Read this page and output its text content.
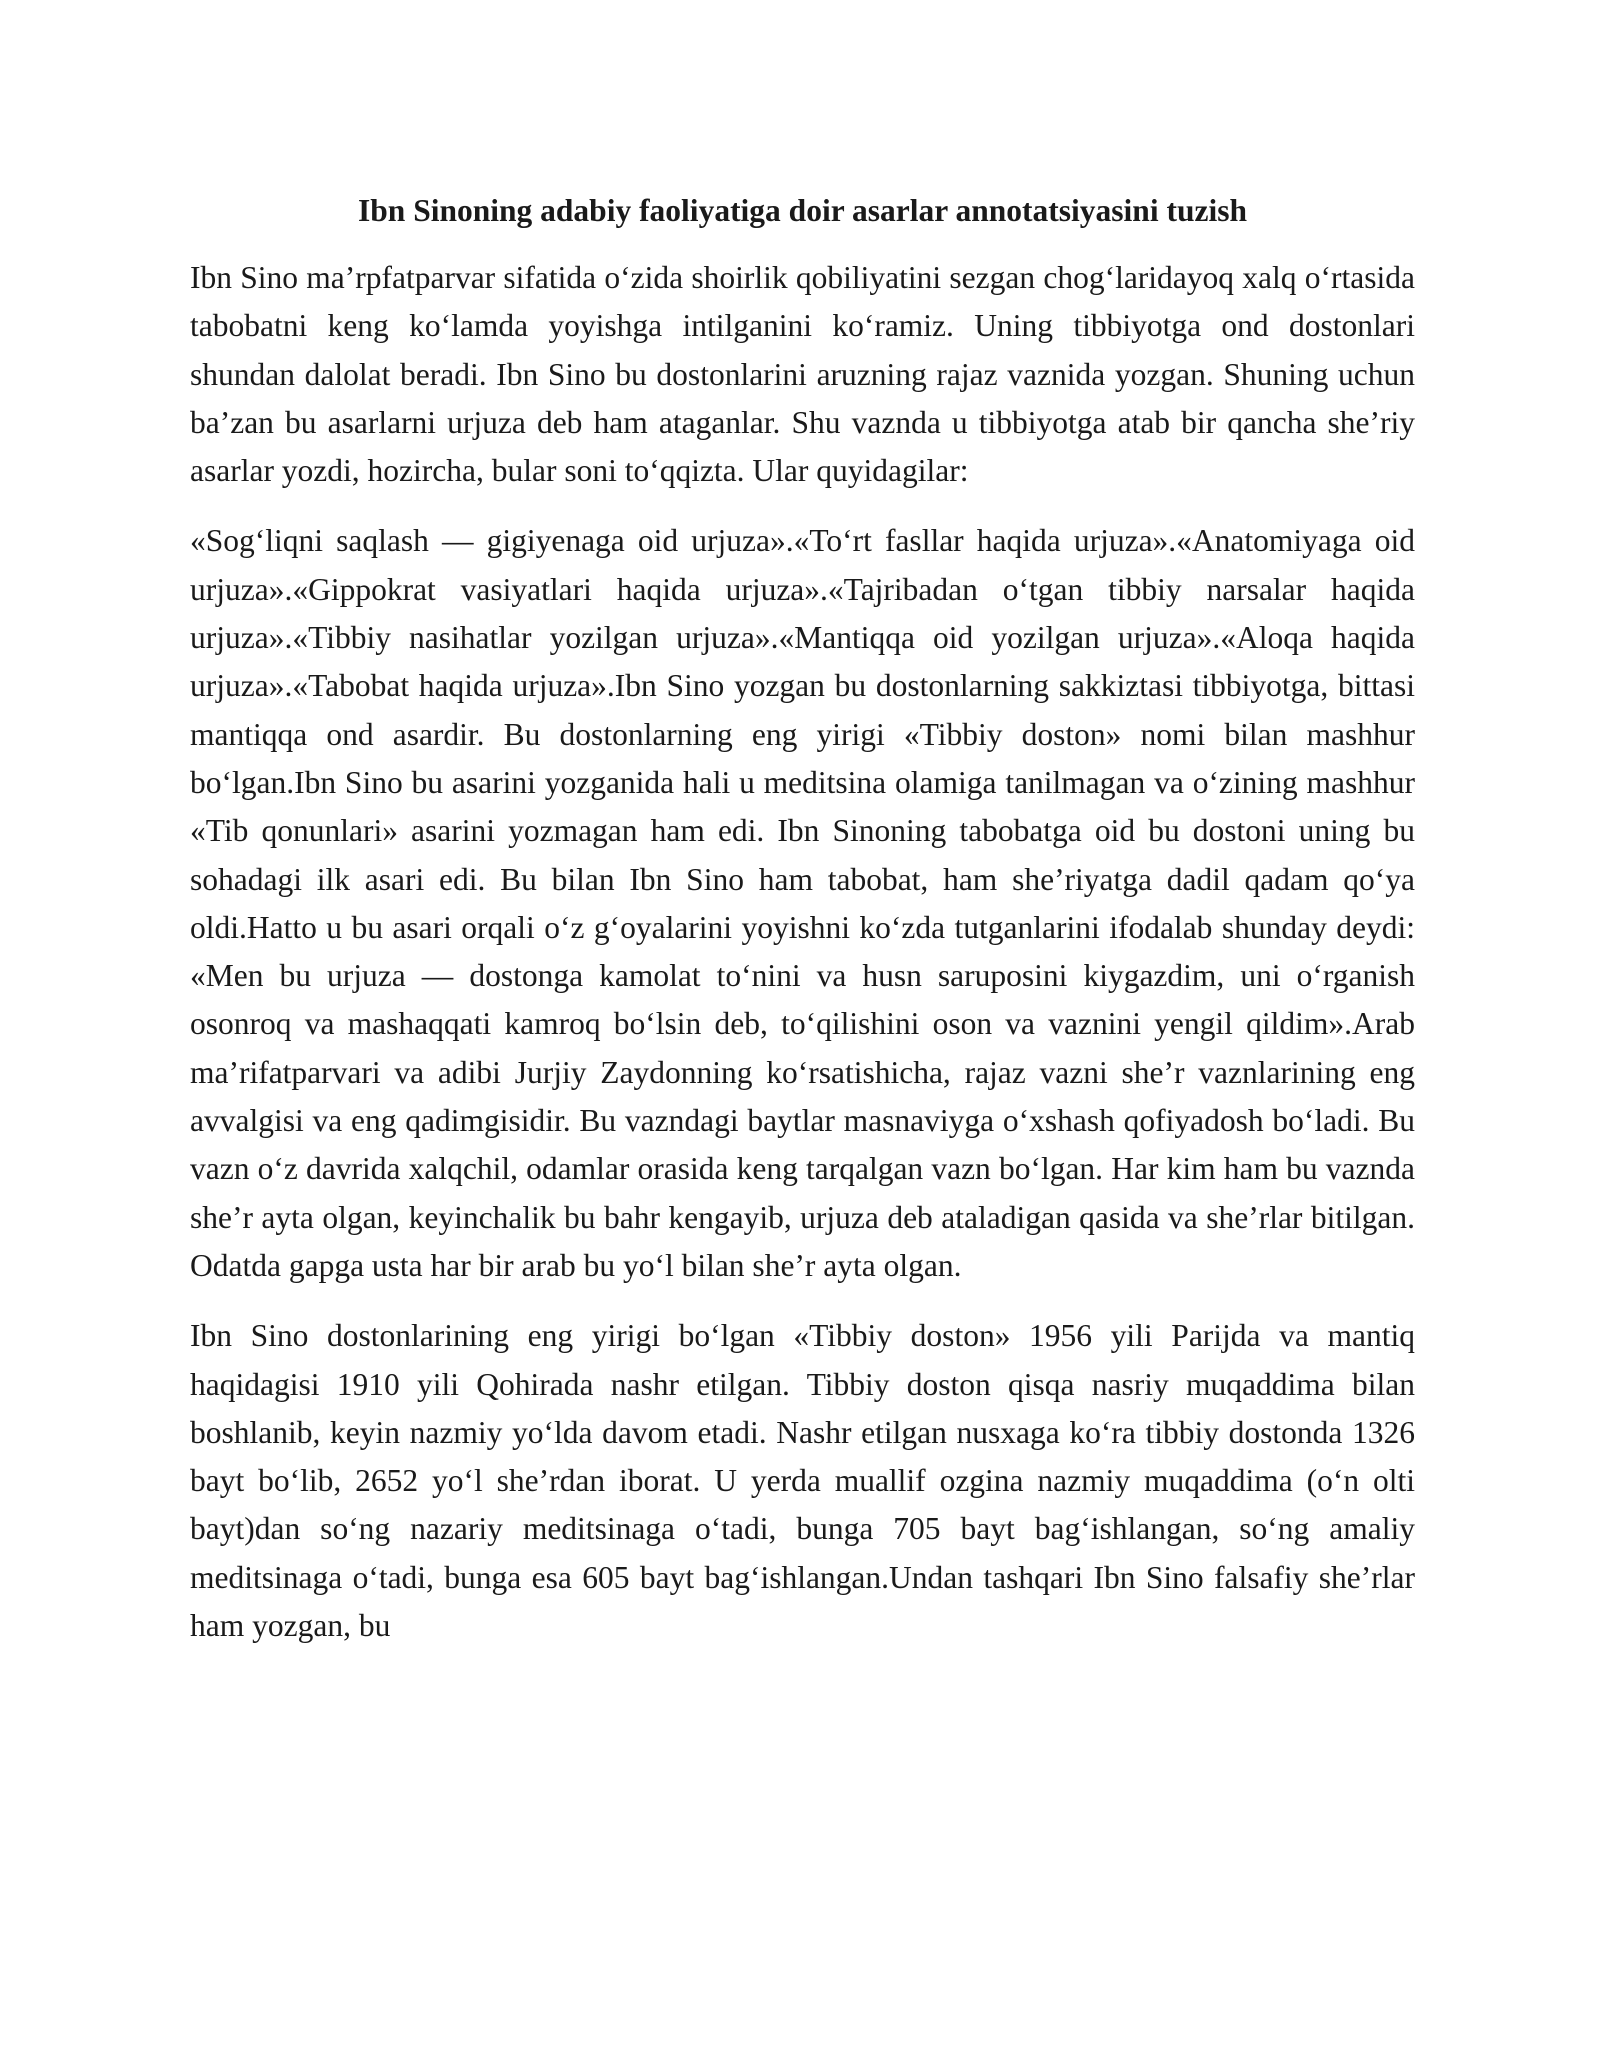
Ibn Sinoning adabiy faoliyatiga doir asarlar annotatsiyasini tuzish

Ibn Sino ma’rpfatparvar sifatida o‘zida shoirlik qobiliyatini sezgan chog‘laridayoq xalq o‘rtasida tabobatni keng ko‘lamda yoyishga intilganini ko‘ramiz. Uning tibbiyotga ond dostonlari shundan dalolat beradi. Ibn Sino bu dostonlarini aruzning rajaz vaznida yozgan. Shuning uchun ba’zan bu asarlarni urjuza deb ham ataganlar. Shu vaznda u tibbiyotga atab bir qancha she’riy asarlar yozdi, hozircha, bular soni to‘qqizta. Ular quyidagilar:

«Sog‘liqni saqlash — gigiyenaga oid urjuza».«To‘rt fasllar haqida urjuza».«Anatomiyaga oid urjuza».«Gippokrat vasiyatlari haqida urjuza».«Tajribadan o‘tgan tibbiy narsalar haqida urjuza».«Tibbiy nasihatlar yozilgan urjuza».«Mantiqqa oid yozilgan urjuza».«Aloqa haqida urjuza».«Tabobat haqida urjuza».Ibn Sino yozgan bu dostonlarning sakkiztasi tibbiyotga, bittasi mantiqqa ond asardir. Bu dostonlarning eng yirigi «Tibbiy doston» nomi bilan mashhur bo‘lgan.Ibn Sino bu asarini yozganida hali u meditsina olamiga tanilmagan va o‘zining mashhur «Tib qonunlari» asarini yozmagan ham edi. Ibn Sinoning tabobatga oid bu dostoni uning bu sohadagi ilk asari edi. Bu bilan Ibn Sino ham tabobat, ham she’riyatga dadil qadam qo‘ya oldi.Hatto u bu asari orqali o‘z g‘oyalarini yoyishni ko‘zda tutganlarini ifodalab shunday deydi: «Men bu urjuza — dostonga kamolat to‘nini va husn saruposini kiygazdim, uni o‘rganish osonroq va mashaqqati kamroq bo‘lsin deb, to‘qilishini oson va vaznini yengil qildim».Arab ma’rifatparvari va adibi Jurjiy Zaydonning ko‘rsatishicha, rajaz vazni she’r vaznlarining eng avvalgisi va eng qadimgisidir. Bu vazndagi baytlar masnaviyga o‘xshash qofiyadosh bo‘ladi. Bu vazn o‘z davrida xalqchil, odamlar orasida keng tarqalgan vazn bo‘lgan. Har kim ham bu vaznda she’r ayta olgan, keyinchalik bu bahr kengayib, urjuza deb ataladigan qasida va she’rlar bitilgan. Odatda gapga usta har bir arab bu yo‘l bilan she’r ayta olgan.

Ibn Sino dostonlarining eng yirigi bo‘lgan «Tibbiy doston» 1956 yili Parijda va mantiq haqidagisi 1910 yili Qohirada nashr etilgan. Tibbiy doston qisqa nasriy muqaddima bilan boshlanib, keyin nazmiy yo‘lda davom etadi. Nashr etilgan nusxaga ko‘ra tibbiy dostonda 1326 bayt bo‘lib, 2652 yo‘l she’rdan iborat. U yerda muallif ozgina nazmiy muqaddima (o‘n olti bayt)dan so‘ng nazariy meditsinaga o‘tadi, bunga 705 bayt bag‘ishlangan, so‘ng amaliy meditsinaga o‘tadi, bunga esa 605 bayt bag‘ishlangan.Undan tashqari Ibn Sino falsafiy she’rlar ham yozgan, bu
